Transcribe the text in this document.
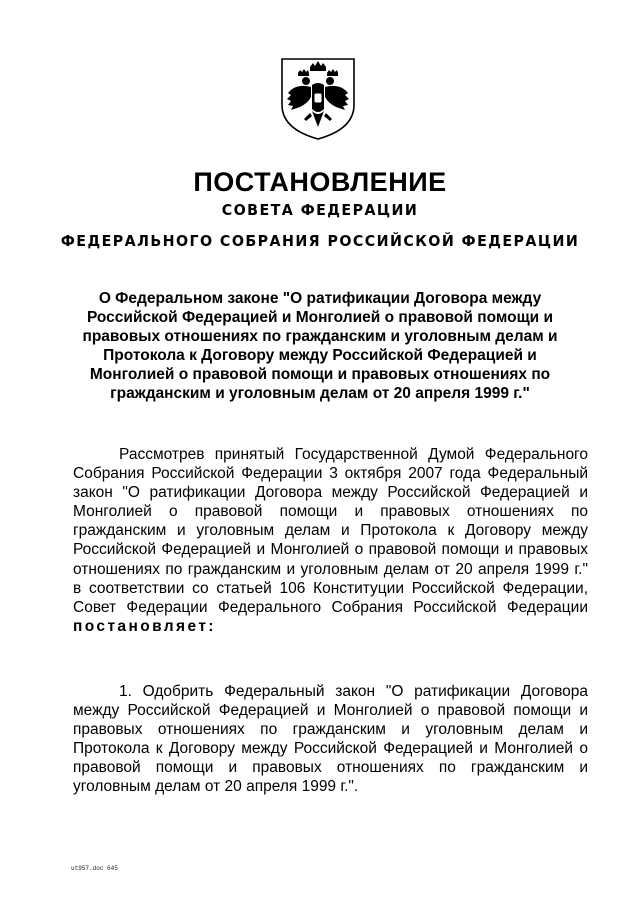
ПОСТАНОВЛЕНИЕ
СОВЕТА ФЕДЕРАЦИИ
ФЕДЕРАЛЬНОГО СОБРАНИЯ РОССИЙСКОЙ ФЕДЕРАЦИИ
О Федеральном законе "О ратификации Договора между Российской Федерацией и Монголией о правовой помощи и правовых отношениях по гражданским и уголовным делам и Протокола к Договору между Российской Федерацией и Монголией о правовой помощи и правовых отношениях по гражданским и уголовным делам от 20 апреля 1999 г."
Рассмотрев принятый Государственной Думой Федерального Собрания Российской Федерации 3 октября 2007 года Федеральный закон "О ратификации Договора между Российской Федерацией и Монголией о правовой помощи и правовых отношениях по гражданским и уголовным делам и Протокола к Договору между Российской Федерацией и Монголией о правовой помощи и правовых отношениях по гражданским и уголовным делам от 20 апреля 1999 г." в соответствии со статьей 106 Конституции Российской Федерации, Совет Федерации Федерального Собрания Российской Федерации постановляет:
1. Одобрить Федеральный закон "О ратификации Договора между Российской Федерацией и Монголией о правовой помощи и правовых отношениях по гражданским и уголовным делам и Протокола к Договору между Российской Федерацией и Монголией о правовой помощи и правовых отношениях по гражданским и уголовным делам от 20 апреля 1999 г.".
ut957.doc 645
